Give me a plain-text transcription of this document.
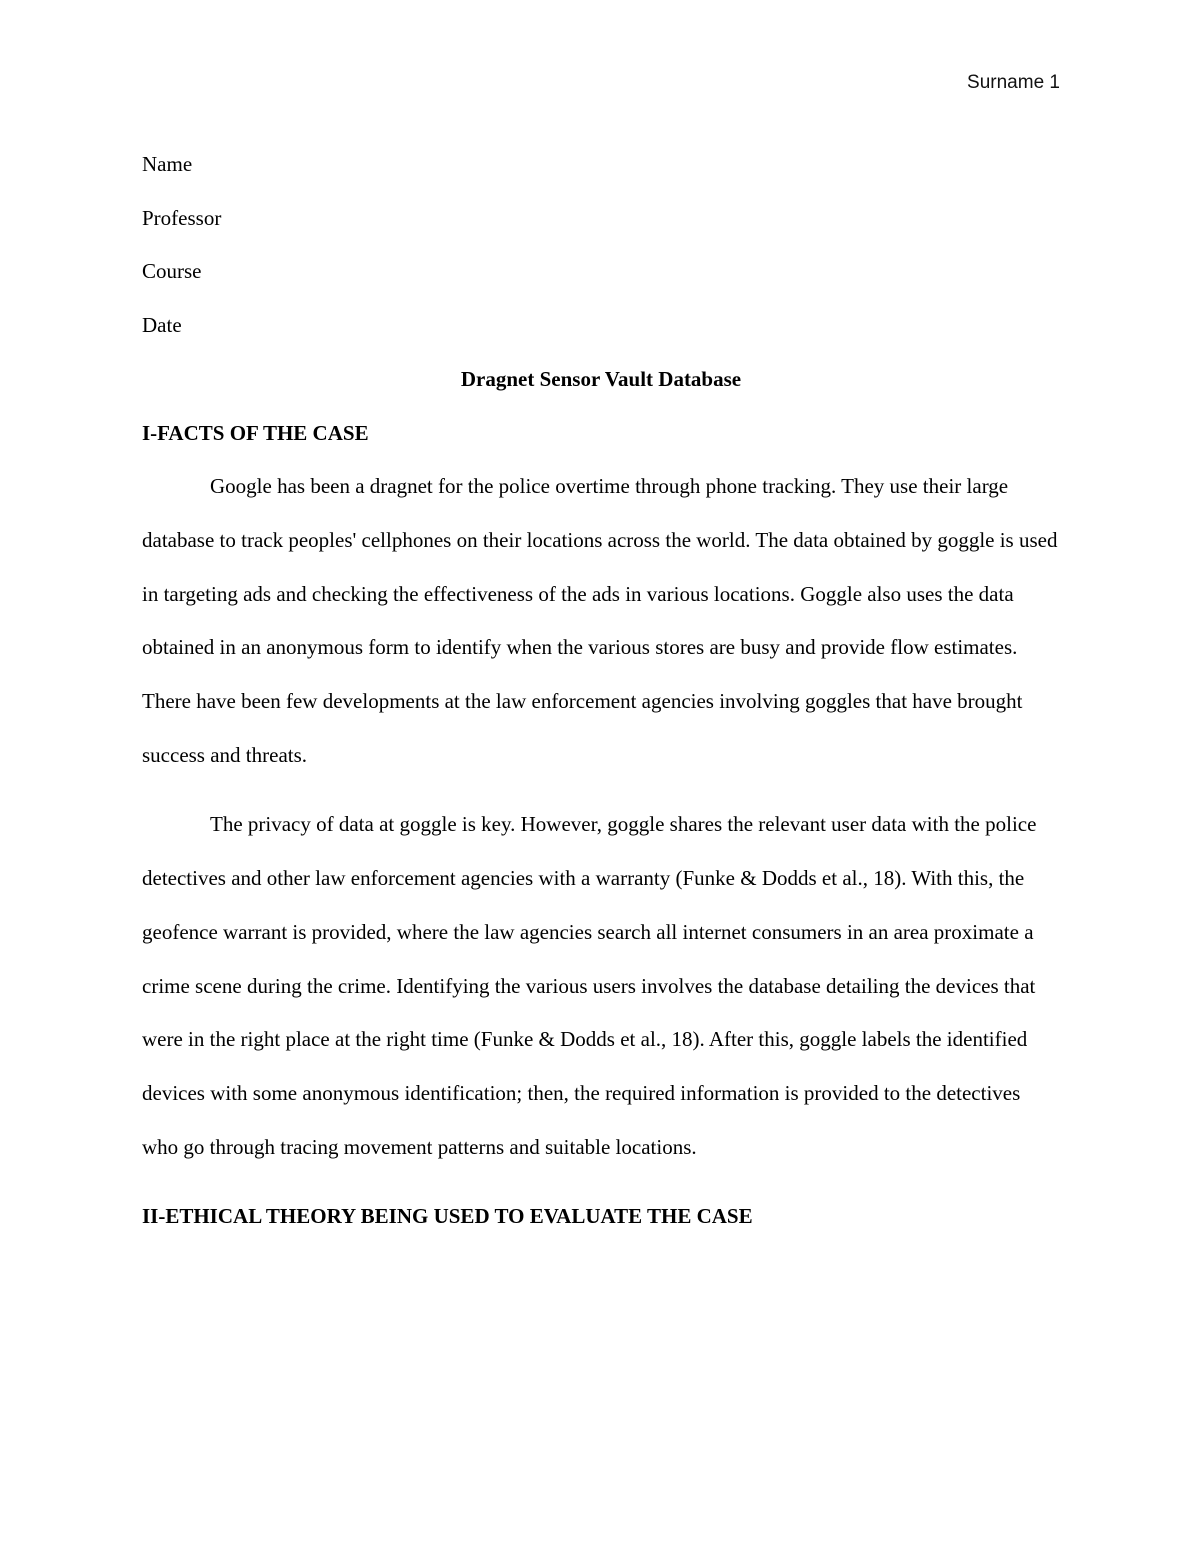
Surname 1

Name

Professor

Course

Date

Dragnet Sensor Vault Database

I-FACTS OF THE CASE

Google has been a dragnet for the police overtime through phone tracking. They use their large database to track peoples' cellphones on their locations across the world. The data obtained by goggle is used in targeting ads and checking the effectiveness of the ads in various locations. Goggle also uses the data obtained in an anonymous form to identify when the various stores are busy and provide flow estimates. There have been few developments at the law enforcement agencies involving goggles that have brought success and threats.

The privacy of data at goggle is key. However, goggle shares the relevant user data with the police detectives and other law enforcement agencies with a warranty (Funke & Dodds et al., 18). With this, the geofence warrant is provided, where the law agencies search all internet consumers in an area proximate a crime scene during the crime. Identifying the various users involves the database detailing the devices that were in the right place at the right time (Funke & Dodds et al., 18). After this, goggle labels the identified devices with some anonymous identification; then, the required information is provided to the detectives who go through tracing movement patterns and suitable locations.

II-ETHICAL THEORY BEING USED TO EVALUATE THE CASE
